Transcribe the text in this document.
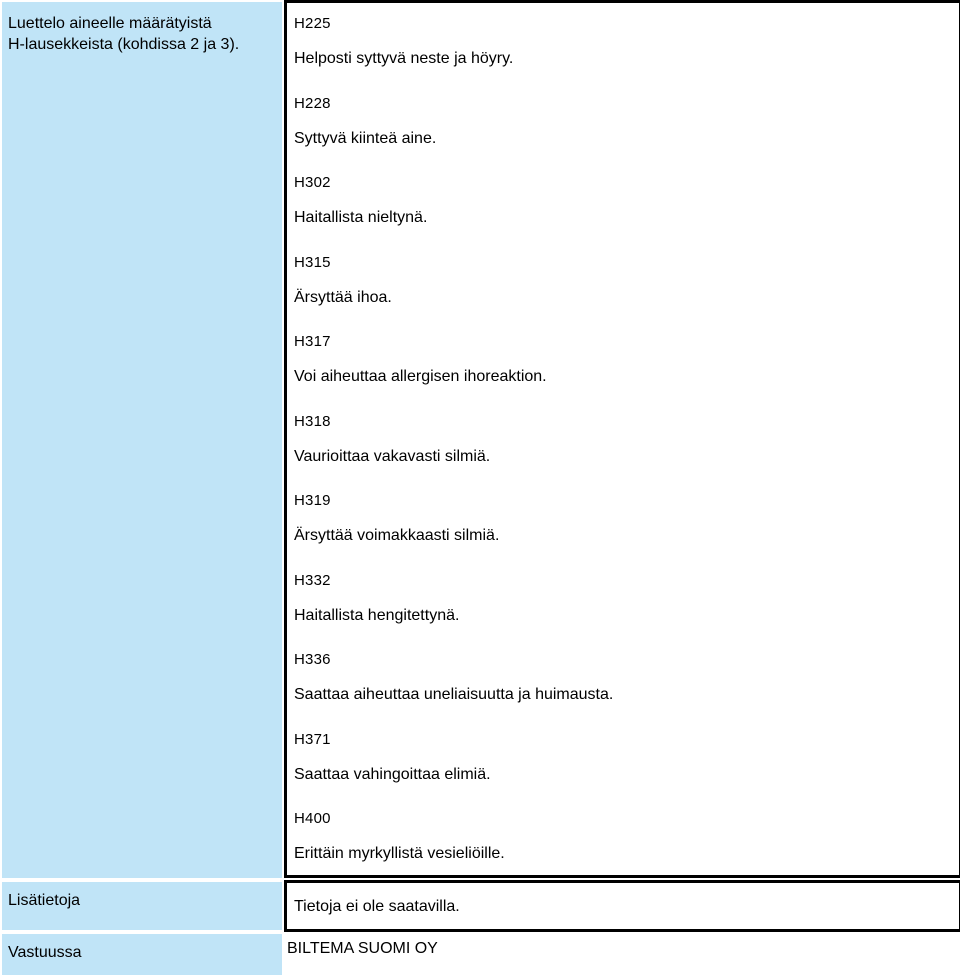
Luettelo aineelle määrätyistä
H-lausekkeista (kohdissa 2 ja 3).
H225
Helposti syttyvä neste ja höyry.
H228
Syttyvä kiinteä aine.
H302
Haitallista nieltynä.
H315
Ärsyttää ihoa.
H317
Voi aiheuttaa allergisen ihoreaktion.
H318
Vaurioittaa vakavasti silmiä.
H319
Ärsyttää voimakkaasti silmiä.
H332
Haitallista hengitettynä.
H336
Saattaa aiheuttaa uneliaisuutta ja huimausta.
H371
Saattaa vahingoittaa elimiä.
H400
Erittäin myrkyllistä vesieliöille.
Lisätietoja	Tietoja ei ole saatavilla.
Vastuussa	BILTEMA SUOMI OY
